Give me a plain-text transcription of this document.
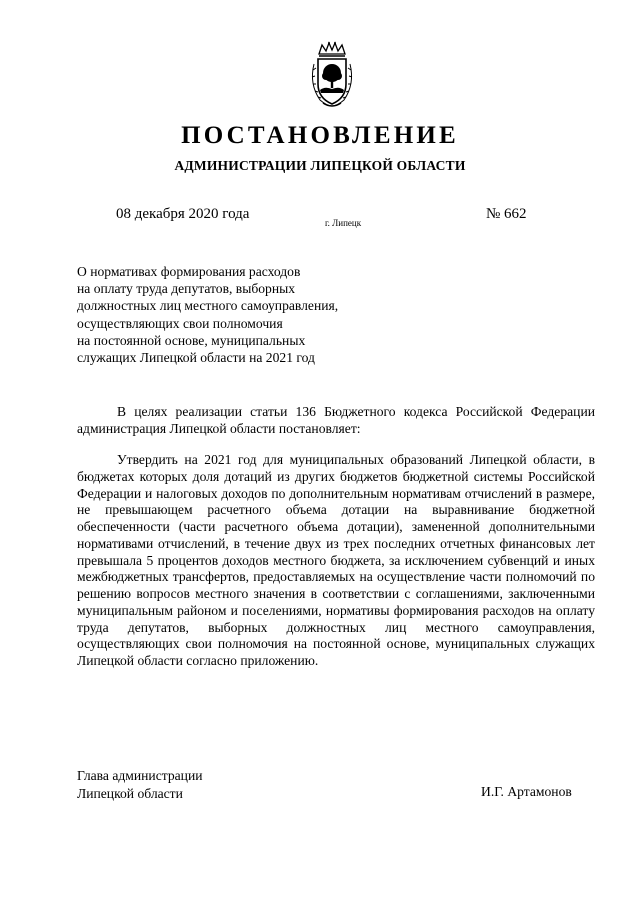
ПОСТАНОВЛЕНИЕ
АДМИНИСТРАЦИИ ЛИПЕЦКОЙ ОБЛАСТИ
08 декабря 2020 года
г. Липецк
№ 662
О нормативах формирования расходов
на оплату труда депутатов, выборных
должностных лиц местного самоуправления,
осуществляющих свои полномочия
на постоянной основе, муниципальных
служащих Липецкой области на 2021 год

В целях реализации статьи 136 Бюджетного кодекса Российской Федерации администрация Липецкой области постановляет:

Утвердить на 2021 год для муниципальных образований Липецкой области, в бюджетах которых доля дотаций из других бюджетов бюджетной системы Российской Федерации и налоговых доходов по дополнительным нормативам отчислений в размере, не превышающем расчетного объема дотации на выравнивание бюджетной обеспеченности (части расчетного объема дотации), замененной дополнительными нормативами отчислений, в течение двух из трех последних отчетных финансовых лет превышала 5 процентов доходов местного бюджета, за исключением субвенций и иных межбюджетных трансфертов, предоставляемых на осуществление части полномочий по решению вопросов местного значения в соответствии с соглашениями, заключенными муниципальным районом и поселениями, нормативы формирования расходов на оплату труда депутатов, выборных должностных лиц местного самоуправления, осуществляющих свои полномочия на постоянной основе, муниципальных служащих Липецкой области согласно приложению.

Глава администрации
Липецкой области	И.Г. Артамонов
